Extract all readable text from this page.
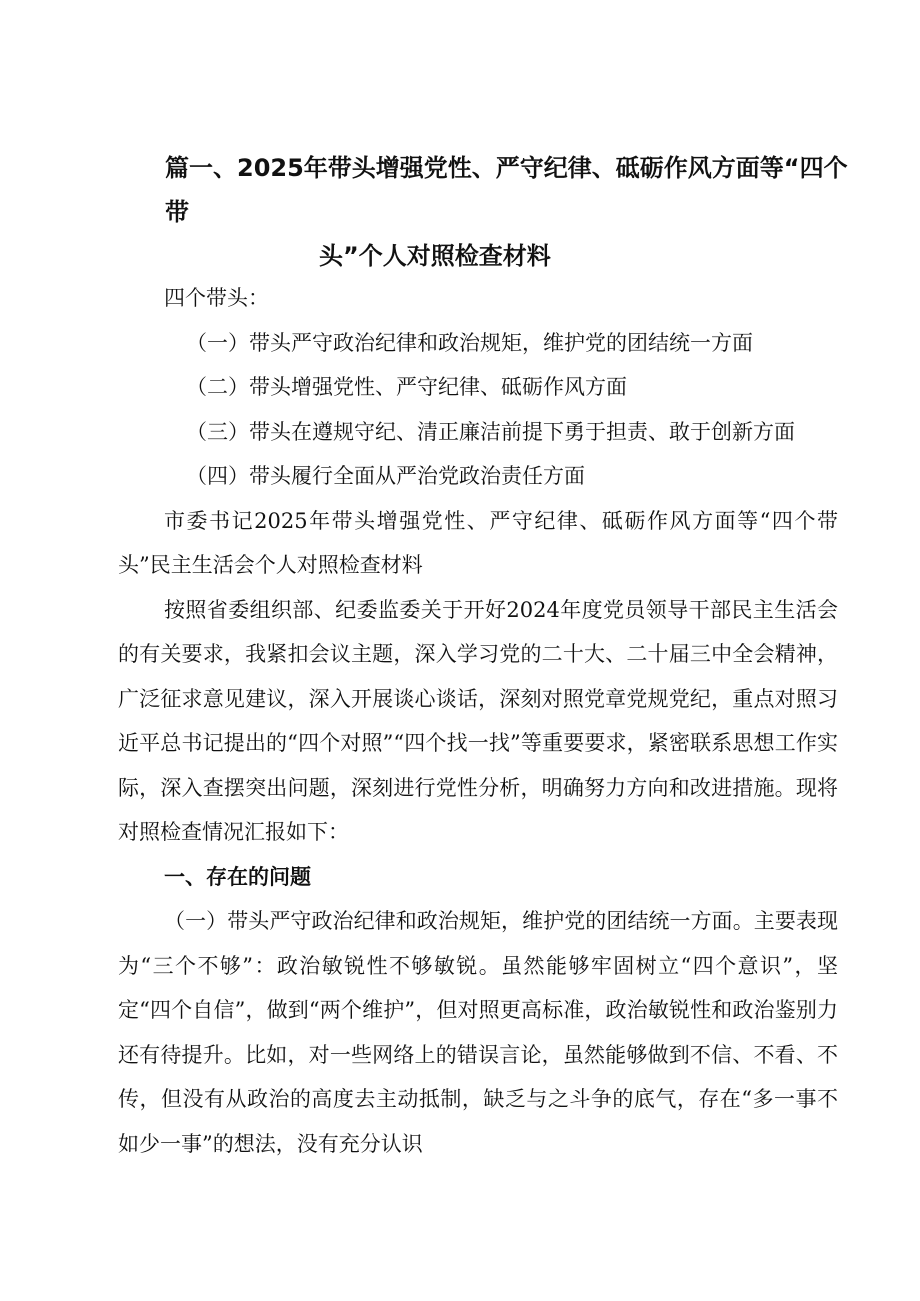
篇一、2025年带头增强党性、严守纪律、砥砺作风方面等“四个带
头”个人对照检查材料

四个带头：

（一）带头严守政治纪律和政治规矩，维护党的团结统一方面

（二）带头增强党性、严守纪律、砥砺作风方面

（三）带头在遵规守纪、清正廉洁前提下勇于担责、敢于创新方面

（四）带头履行全面从严治党政治责任方面

市委书记2025年带头增强党性、严守纪律、砥砺作风方面等“四个带头”民主生活会个人对照检查材料

按照省委组织部、纪委监委关于开好2024年度党员领导干部民主生活会的有关要求，我紧扣会议主题，深入学习党的二十大、二十届三中全会精神，广泛征求意见建议，深入开展谈心谈话，深刻对照党章党规党纪，重点对照习近平总书记提出的“四个对照”“四个找一找”等重要要求，紧密联系思想工作实际，深入查摆突出问题，深刻进行党性分析，明确努力方向和改进措施。现将对照检查情况汇报如下：

一、存在的问题

（一）带头严守政治纪律和政治规矩，维护党的团结统一方面。主要表现为“三个不够”：政治敏锐性不够敏锐。虽然能够牢固树立“四个意识”，坚定“四个自信”，做到“两个维护”，但对照更高标准，政治敏锐性和政治鉴别力还有待提升。比如，对一些网络上的错误言论，虽然能够做到不信、不看、不传，但没有从政治的高度去主动抵制，缺乏与之斗争的底气，存在“多一事不如少一事”的想法，没有充分认识
